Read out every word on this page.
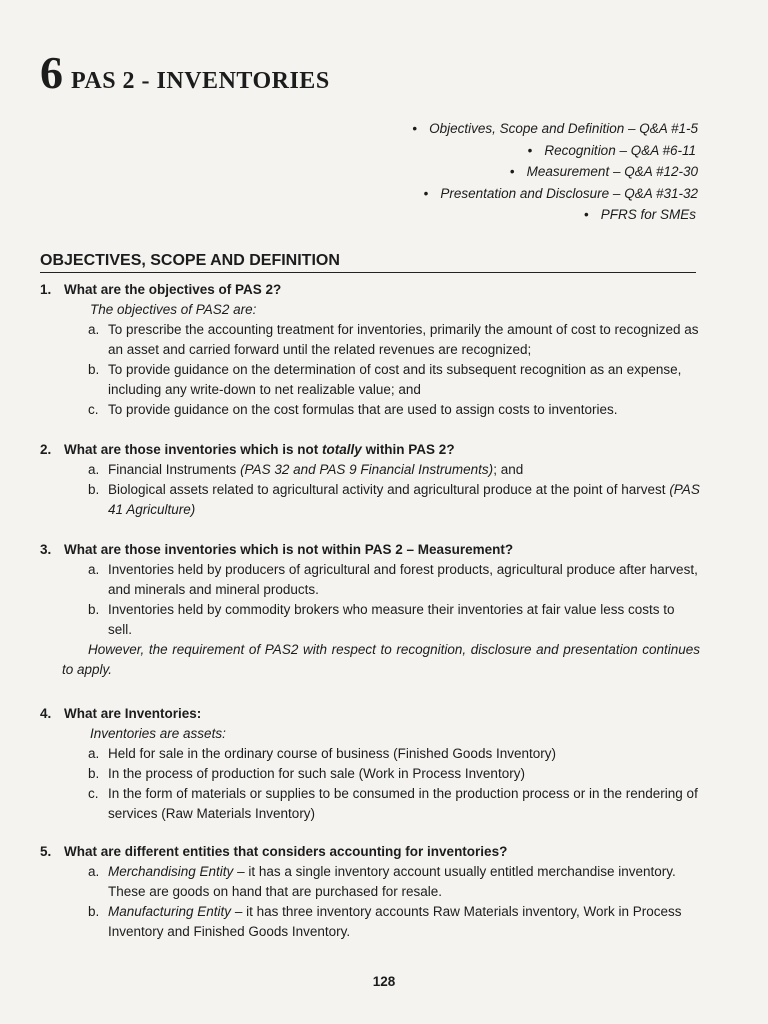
6 PAS 2 - INVENTORIES
• Objectives, Scope and Definition – Q&A #1-5
• Recognition – Q&A #6-11
• Measurement – Q&A #12-30
• Presentation and Disclosure – Q&A #31-32
• PFRS for SMEs
OBJECTIVES, SCOPE AND DEFINITION
1. What are the objectives of PAS 2?
The objectives of PAS2 are:
a. To prescribe the accounting treatment for inventories, primarily the amount of cost to recognized as an asset and carried forward until the related revenues are recognized;
b. To provide guidance on the determination of cost and its subsequent recognition as an expense, including any write-down to net realizable value; and
c. To provide guidance on the cost formulas that are used to assign costs to inventories.
2. What are those inventories which is not totally within PAS 2?
a. Financial Instruments (PAS 32 and PAS 9 Financial Instruments); and
b. Biological assets related to agricultural activity and agricultural produce at the point of harvest (PAS 41 Agriculture)
3. What are those inventories which is not within PAS 2 – Measurement?
a. Inventories held by producers of agricultural and forest products, agricultural produce after harvest, and minerals and mineral products.
b. Inventories held by commodity brokers who measure their inventories at fair value less costs to sell.
However, the requirement of PAS2 with respect to recognition, disclosure and presentation continues to apply.
4. What are Inventories:
Inventories are assets:
a. Held for sale in the ordinary course of business (Finished Goods Inventory)
b. In the process of production for such sale (Work in Process Inventory)
c. In the form of materials or supplies to be consumed in the production process or in the rendering of services (Raw Materials Inventory)
5. What are different entities that considers accounting for inventories?
a. Merchandising Entity – it has a single inventory account usually entitled merchandise inventory. These are goods on hand that are purchased for resale.
b. Manufacturing Entity – it has three inventory accounts Raw Materials inventory, Work in Process Inventory and Finished Goods Inventory.
128
